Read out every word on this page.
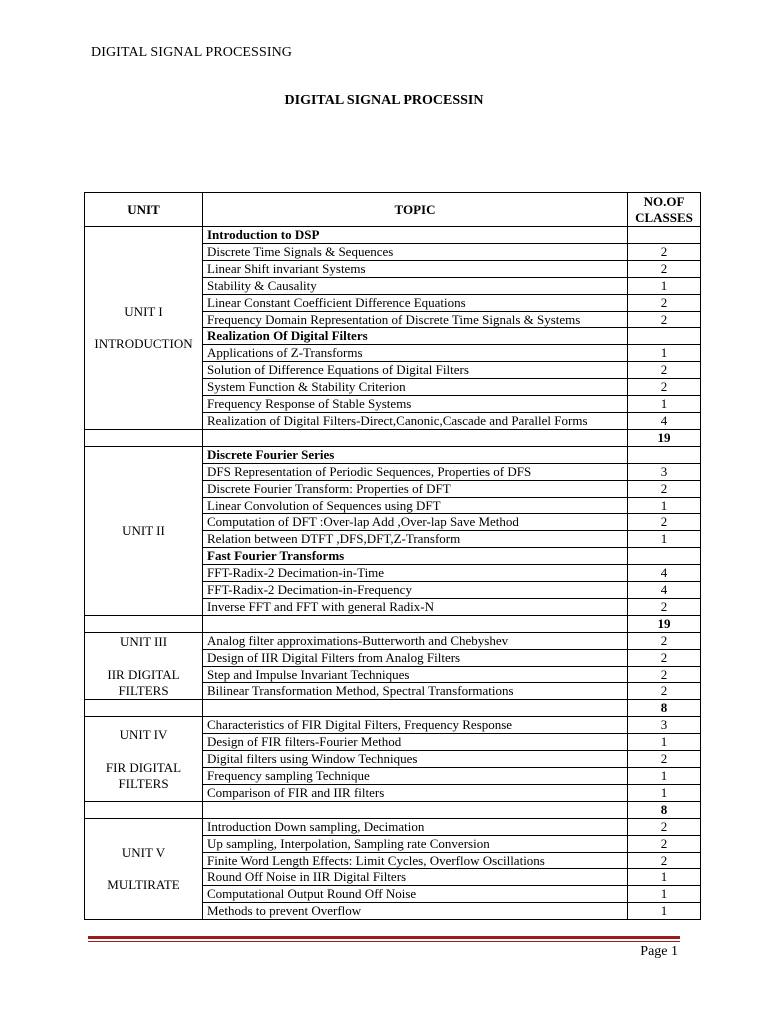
DIGITAL SIGNAL PROCESSING
DIGITAL SIGNAL PROCESSIN
UNIT	TOPIC	NO.OF
CLASSES

UNIT I
INTRODUCTION	Introduction to DSP	
	Discrete Time Signals & Sequences	2
	Linear Shift invariant Systems	2
	Stability & Causality	1
	Linear Constant Coefficient Difference Equations	2
	Frequency Domain Representation of Discrete Time Signals & Systems	2
	Realization Of Digital Filters	
	Applications of Z-Transforms	1
	Solution of Difference Equations of Digital Filters	2
	System Function & Stability Criterion	2
	Frequency Response of Stable Systems	1
	Realization of Digital Filters-Direct,Canonic,Cascade and Parallel Forms	4
		19

UNIT II	Discrete Fourier Series	
	DFS Representation of Periodic Sequences, Properties of DFS	3
	Discrete Fourier Transform: Properties of DFT	2
	Linear Convolution of Sequences using DFT	1
	Computation of DFT :Over-lap Add ,Over-lap Save Method	2
	Relation between DTFT ,DFS,DFT,Z-Transform	1
	Fast Fourier Transforms	
	FFT-Radix-2 Decimation-in-Time	4
	FFT-Radix-2 Decimation-in-Frequency	4
	Inverse FFT and FFT with general Radix-N	2
		19

UNIT III
IIR DIGITAL
FILTERS	Analog filter approximations-Butterworth and Chebyshev	2
	Design of IIR Digital Filters from Analog Filters	2
	Step and Impulse Invariant Techniques	2
	Bilinear Transformation Method, Spectral Transformations	2
		8

UNIT IV
FIR DIGITAL
FILTERS	Characteristics of FIR Digital Filters, Frequency Response	3
	Design of FIR filters-Fourier Method	1
	Digital filters using Window Techniques	2
	Frequency sampling Technique	1
	Comparison of FIR and IIR filters	1
		8

UNIT V
MULTIRATE	Introduction Down sampling, Decimation	2
	Up sampling, Interpolation, Sampling rate Conversion	2
	Finite Word Length Effects: Limit Cycles, Overflow Oscillations	2
	Round Off Noise in IIR Digital Filters	1
	Computational Output Round Off Noise	1
	Methods to prevent Overflow	1
Page 1
